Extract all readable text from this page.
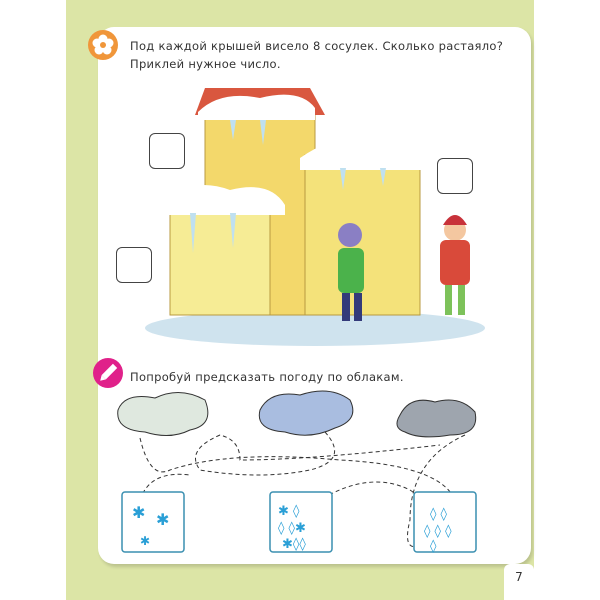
Под каждой крышей висело 8 сосулек. Сколько растаяло? Приклей нужное число.
Попробуй предсказать погоду по облакам.
✱ ✱
✱
✱ ◊
◊ ◊✱
✱◊◊
◊ ◊
◊ ◊ ◊
◊
7
